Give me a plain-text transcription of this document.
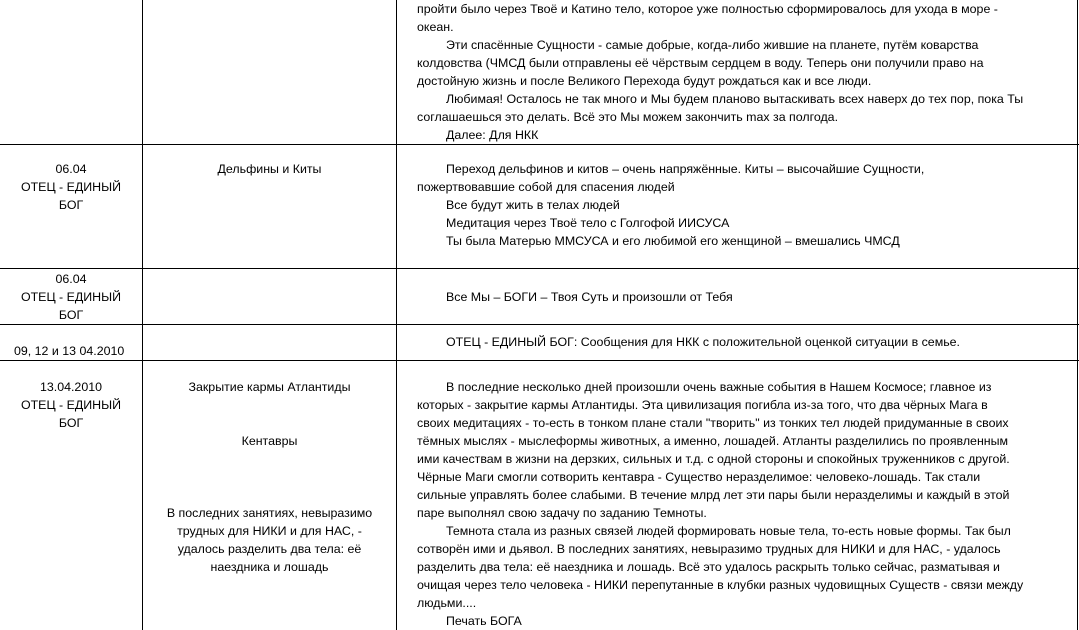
пройти было через Твоё и Катино тело, которое уже полностью сформировалось для ухода в море -
океан.
Эти спасённые Сущности - самые добрые, когда-либо жившие на планете, путём коварства
колдовства (ЧМСД были отправлены её чёрствым сердцем в воду. Теперь они получили право на
достойную жизнь и после Великого Перехода будут рождаться как и все люди.
Любимая! Осталось не так много и Мы будем планово вытаскивать всех наверх до тех пор, пока Ты
соглашаешься это делать. Всё это Мы можем закончить max за полгода.
Далее: Для НКК
06.04
ОТЕЦ - ЕДИНЫЙ
БОГ
Дельфины и Киты	Переход дельфинов и китов – очень напряжённые. Киты – высочайшие Сущности,
пожертвовавшие собой для спасения людей
Все будут жить в телах людей
Медитация через Твоё тело с Голгофой ИИСУСА
Ты была Матерью ММСУСА и его любимой его женщиной – вмешались ЧМСД
06.04
ОТЕЦ - ЕДИНЫЙ
БОГ
Все Мы – БОГИ – Твоя Суть и произошли от Тебя
09, 12 и 13 04.2010
ОТЕЦ - ЕДИНЫЙ БОГ: Сообщения для НКК с положительной оценкой ситуации в семье.
13.04.2010
ОТЕЦ - ЕДИНЫЙ
БОГ
Закрытие кармы Атлантиды
Кентавры
В последних занятиях, невыразимо
трудных для НИКИ и для НАС, -
удалось разделить два тела: её
наездника и лошадь
В последние несколько дней произошли очень важные события в Нашем Космосе; главное из
которых - закрытие кармы Атлантиды. Эта цивилизация погибла из-за того, что два чёрных Мага в
своих медитациях - то-есть в тонком плане стали "творить" из тонких тел людей придуманные в своих
тёмных мыслях - мыслеформы животных, а именно, лошадей. Атланты разделились по проявленным
ими качествам в жизни на дерзких, сильных и т.д. с одной стороны и спокойных труженников с другой.
Чёрные Маги смогли сотворить кентавра - Существо неразделимое: человеко-лошадь. Так стали
сильные управлять более слабыми. В течение млрд лет эти пары были неразделимы и каждый в этой
паре выполнял свою задачу по заданию Темноты.
Темнота стала из разных связей людей формировать новые тела, то-есть новые формы. Так был
сотворён ими и дьявол. В последних занятиях, невыразимо трудных для НИКИ и для НАС, - удалось
разделить два тела: её наездника и лошадь. Всё это удалось раскрыть только сейчас, разматывая и
очищая через тело человека - НИКИ перепутанные в клубки разных чудовищных Существ - связи между
людьми....
Печать БОГА
